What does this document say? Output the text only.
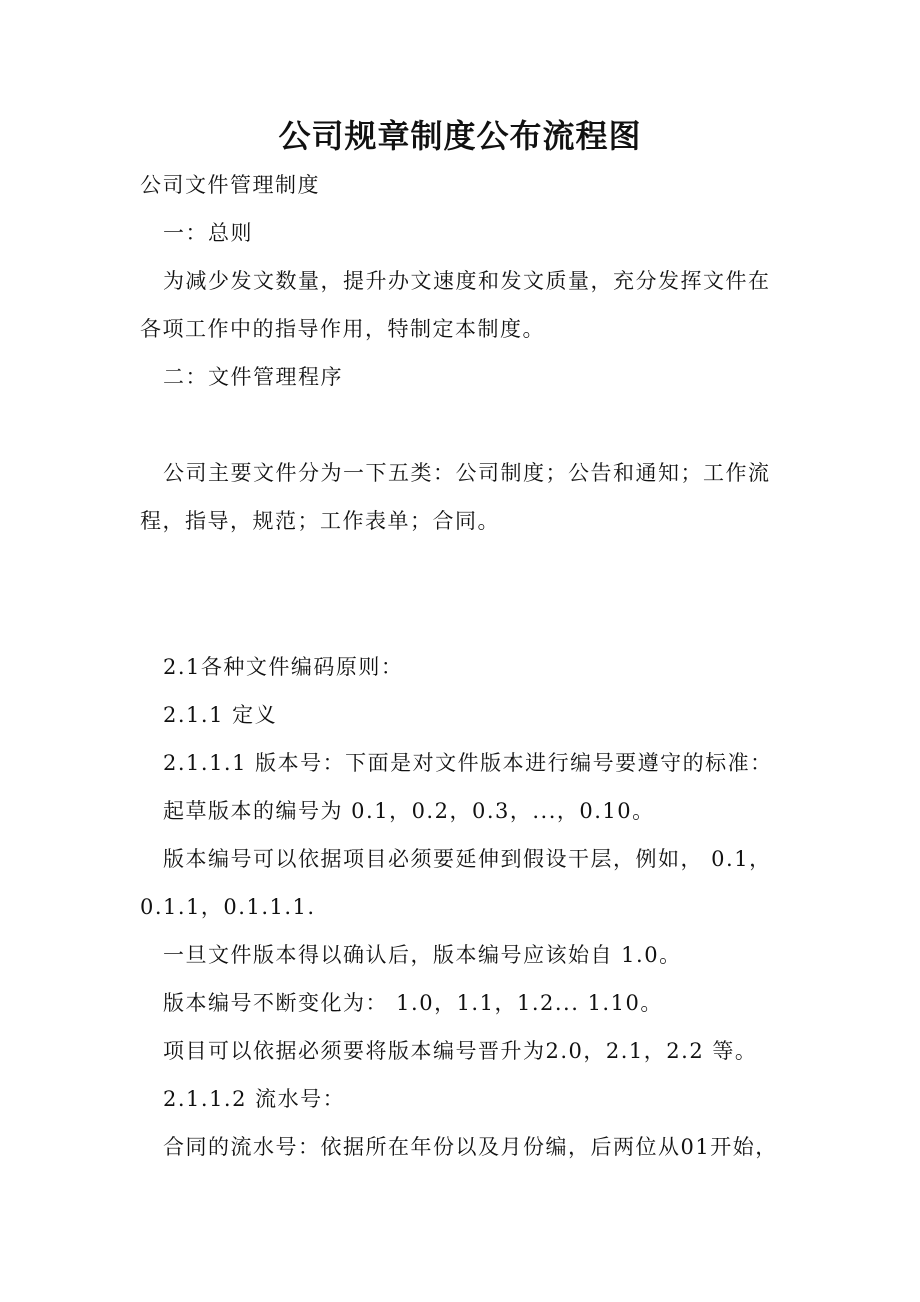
公司规章制度公布流程图
公司文件管理制度
一：总则
为减少发文数量，提升办文速度和发文质量，充分发挥文件在
各项工作中的指导作用，特制定本制度。
二：文件管理程序
公司主要文件分为一下五类：公司制度；公告和通知；工作流
程，指导，规范；工作表单；合同。
2.1各种文件编码原则：
2.1.1 定义
2.1.1.1 版本号：下面是对文件版本进行编号要遵守的标准：
起草版本的编号为 0.1，0.2，0.3，...，0.10。
版本编号可以依据项目必须要延伸到假设干层，例如， 0.1，
0.1.1，0.1.1.1.
一旦文件版本得以确认后，版本编号应该始自 1.0。
版本编号不断变化为： 1.0，1.1，1.2... 1.10。
项目可以依据必须要将版本编号晋升为2.0，2.1，2.2 等。
2.1.1.2 流水号：
合同的流水号：依据所在年份以及月份编，后两位从01开始，
